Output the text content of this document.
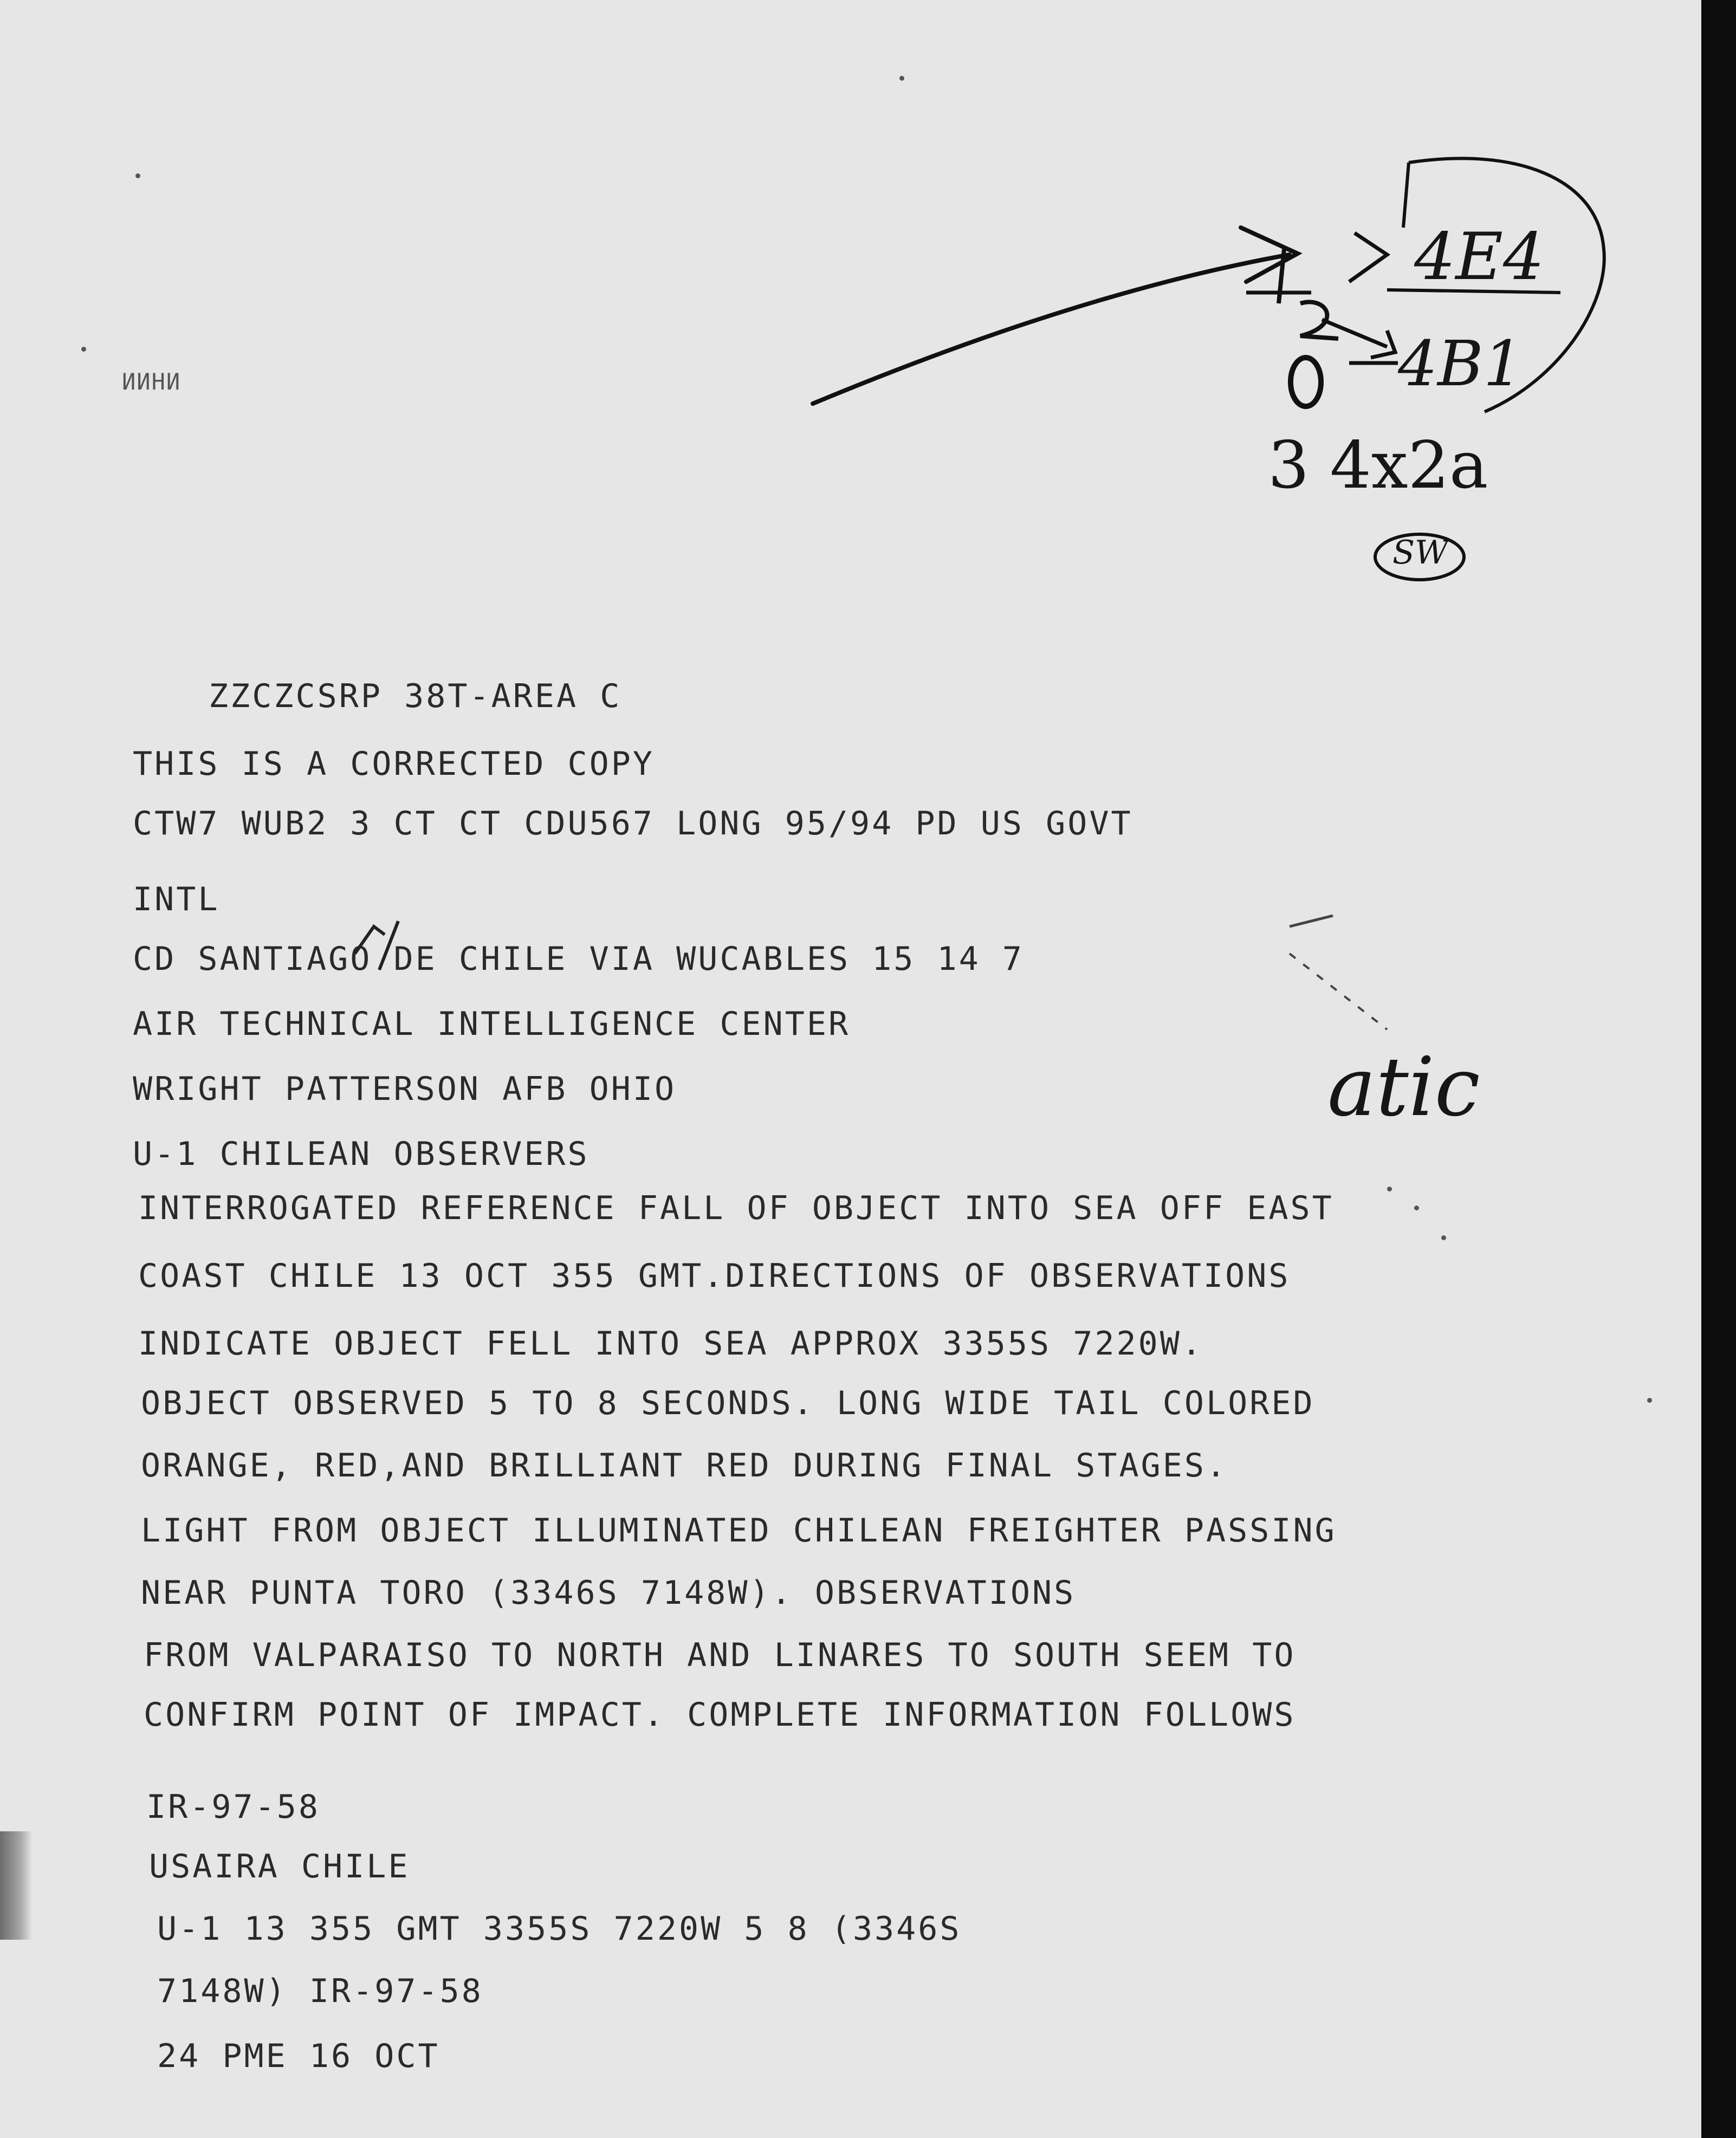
ИИНИ
ZZCZCSRP 38T-AREA C
THIS IS A CORRECTED COPY
CTW7 WUB2 3 CT CT CDU567 LONG 95/94 PD US GOVT
INTL
CD SANTIAGO DE CHILE VIA WUCABLES 15 14 7
AIR TECHNICAL INTELLIGENCE CENTER
WRIGHT PATTERSON AFB OHIO
U-1 CHILEAN OBSERVERS
INTERROGATED REFERENCE FALL OF OBJECT INTO SEA OFF EAST
COAST CHILE 13 OCT 355 GMT.DIRECTIONS OF OBSERVATIONS
INDICATE OBJECT FELL INTO SEA APPROX 3355S 7220W.
OBJECT OBSERVED 5 TO 8 SECONDS. LONG WIDE TAIL COLORED
ORANGE, RED,AND BRILLIANT RED DURING FINAL STAGES.
LIGHT FROM OBJECT ILLUMINATED CHILEAN FREIGHTER PASSING
NEAR PUNTA TORO (3346S 7148W). OBSERVATIONS
FROM VALPARAISO TO NORTH AND LINARES TO SOUTH SEEM TO
CONFIRM POINT OF IMPACT. COMPLETE INFORMATION FOLLOWS
IR-97-58
USAIRA CHILE
U-1 13 355 GMT 3355S 7220W 5 8 (3346S
7148W) IR-97-58
24 PME 16 OCT
4E4
4B1
3 4x2a
SW
atic
